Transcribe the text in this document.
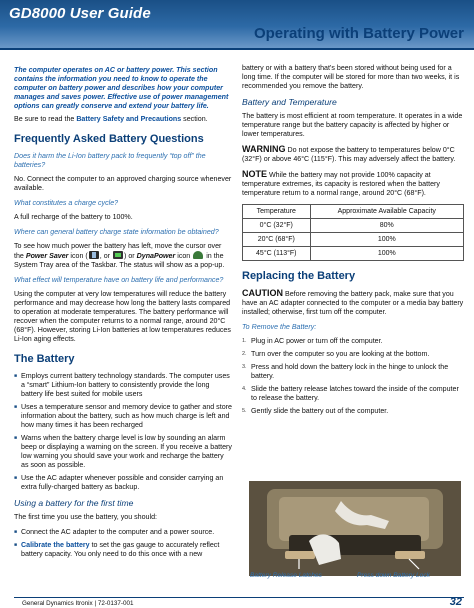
GD8000 User Guide
Operating with Battery Power

The computer operates on AC or battery power. This section contains the information you need to know to operate the computer on battery power and describes how your computer manages and saves power. Effective use of power management options can greatly conserve and extend your battery life.

Be sure to read the Battery Safety and Precautions section.

Frequently Asked Battery Questions
Does it harm the Li-Ion battery pack to frequently “top off” the batteries?

No. Connect the computer to an approved charging source whenever available.

What constitutes a charge cycle?

A full recharge of the battery to 100%.

Where can general battery charge state information be obtained?

To see how much power the battery has left, move the cursor over the Power Saver icon ( , or ) or DynaPower icon  in the System Tray area of the Taskbar. The status will show as a pop-up.

What effect will temperature have on battery life and performance?

Using the computer at very low temperatures will reduce the battery performance and may decrease how long the battery lasts compared to operation at moderate temperatures. The battery performance will recover when the computer returns to a normal range, around 20°C (68°F). However, storing Li-Ion batteries at low temperatures reduces Li-Ion aging effects.

The Battery
■ Employs current battery technology standards. The computer uses a “smart” Lithium-Ion battery to consistently provide the long battery life best suited for mobile users
■ Uses a temperature sensor and memory device to gather and store information about the battery, such as how much charge is left and how many times it has been recharged
■ Warns when the battery charge level is low by sounding an alarm beep or displaying a warning on the screen. If you receive a battery low warning you should save your work and recharge the battery as soon as possible.
■ Use the AC adapter whenever possible and consider carrying an extra fully-charged battery as backup.
Using a battery for the first time

The first time you use the battery, you should:

■ Connect the AC adapter to the computer and a power source.
■ Calibrate the battery to set the gas gauge to accurately reflect battery capacity. You only need to do this once with a new

battery or with a battery that’s been stored without being used for a long time. If the computer will be stored for more than two weeks, it is recommended you remove the battery.

Battery and Temperature

The battery is most efficient at room temperature. It operates in a wide temperature range but the battery capacity is affected by higher or lower temperatures.

WARNING Do not expose the battery to temperatures below 0°C (32°F) or above 46°C (115°F). This may adversely affect the battery.

NOTE While the battery may not provide 100% capacity at temperature extremes, its capacity is restored when the battery temperature return to a normal range, around 20°C (68°F).

Temperature	Approximate Available Capacity
0°C (32°F)	80%
20°C (68°F)	100%
45°C (113°F)	100%
Replacing the Battery

CAUTION Before removing the battery pack, make sure that you have an AC adapter connected to the computer or a media bay battery installed; otherwise, first turn off the computer.

To Remove the Battery:
1. Plug in AC power or turn off the computer.
2. Turn over the computer so you are looking at the bottom.
3. Press and hold down the battery lock in the hinge to unlock the battery.
4. Slide the battery release latches toward the inside of the computer to release the battery.
5. Gently slide the battery out of the computer.
Battery Release Latches	Press down Battery Lock
General Dynamics Itronix | 72-0137-001	32
